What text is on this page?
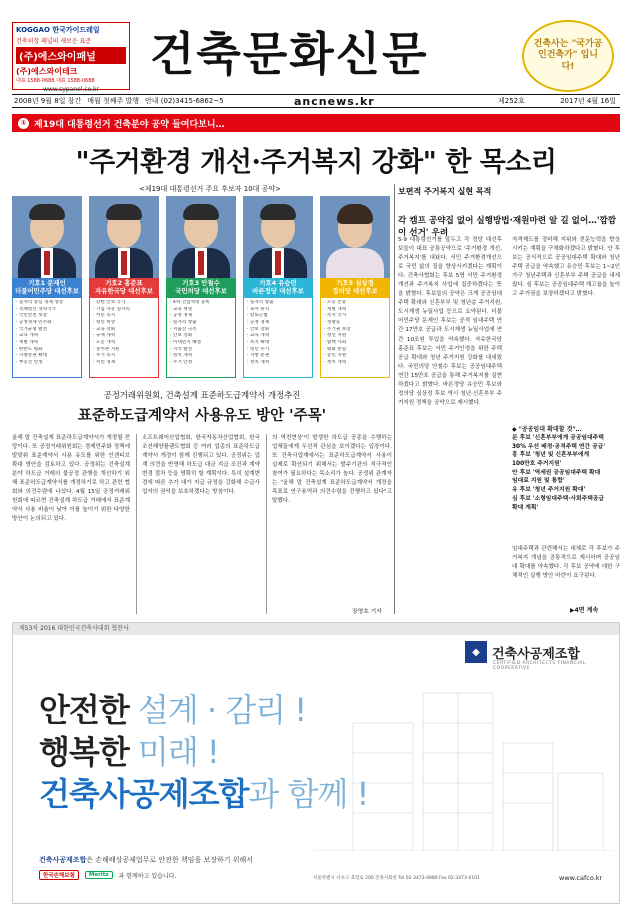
KOGGAO 한국가이드레일
건축외장 패널의 새로운 표준
(주)에스와이패널
(주)에스와이테크
대표 1588-0688 대표 1588-0688
www.sypanel.co.kr
건축문화신문	건축사는 "국가공인건축가" 입니다!
2008년 9월 8일 창간 매월 첫째주 발행 안내 (02)3415-6862~5	ancnews.kr	제252호	2017년 4월 16일
① 제19대 대통령선거 건축분야 공약 들여다보니…
"주거환경 개선·주거복지 강화" 한 목소리
<제19대 대통령선거 주요 후보자 10대 공약>
기호1 문재인
더불어민주당 대선후보
· 일자리 중심 경제 성장
· 적폐청산 개혁국가
· 국민안전 보장
· 공정경제 민주화
· 국가균형 발전
· 교육 개혁
· 재벌 개혁
· 한반도 평화
· 지방분권 확대
· 부동산 안정
기호2 홍준표
자유한국당 대선후보
· 강한 안보 국가
· 기업 자유 일자리
· 서민 복지
· 청년 희망
· 교육 강화
· 규제 개혁
· 노동 개혁
· 농어촌 지원
· 주거 복지
· 서민 경제
기호3 안철수
국민의당 대선후보
· 4차 산업혁명 준비
· 교육 혁명
· 공정 경제
· 일자리 창출
· 저출산 극복
· 안보 강화
· 미세먼지 해결
· 지역 발전
· 정치 개혁
· 주거 안정
기호4 유승민
바른정당 대선후보
· 일자리 창출
· 육아 휴직
· 칼퇴근법
· 공정 경제
· 안보 강화
· 교육 개혁
· 복지 확대
· 청년 주거
· 지방 분권
· 정치 개혁
기호5 심상정
정의당 대선후보
· 노동 존중
· 재벌 개혁
· 복지 국가
· 성평등
· 주거권 보장
· 청년 지원
· 탈핵 사회
· 평화 통일
· 농민 지원
· 정치 개혁
보편적 주거복지 실현 목적
각 캠프 공약집 없어 실행방법·재원마련 알 길 없어…'깜깜이 선거' 우려
5·9 대통령선거를 앞두고 각 정당 대선후보들이 대표 공통공약으로 '주거환경 개선, 주거복지'를 내놨다. 서민 주거환경개선으로 국민 삶의 질을 향상시키겠다는 계획이다. 건축사협회는 후보 5명 서민 주거환경개선과 주거복지 사업에 집중하겠다는 뜻을 밝혔다. 후보들의 공약은 크게 공공임대주택 확대와 신혼부부 및 청년층 주거지원, 도시재생 뉴딜사업 등으로 요약된다. 더불어민주당 문재인 후보는 공적 임대주택 연간 17만호 공급과 도시재생 뉴딜사업에 연간 10조원 투입을 약속했다. 자유한국당 홍준표 후보는 서민 주거안정을 위한 주택 공급 확대와 청년 주거지원 강화를 내세웠다. 국민의당 안철수 후보는 공공임대주택 연간 15만호 공급을 통해 주거복지를 실현하겠다고 밝혔다. 바른정당 유승민 후보와 정의당 심상정 후보 역시 청년·신혼부부 주거지원 정책을 공약으로 제시했다.
자격제도를 정비해 지위와 전문능력을 향상시키는 계획을 구체화하겠다고 밝혔다. 안 후보는 공식적으로 공공임대주택 확대와 청년주택 공급을 약속했고 유승민 후보는 1~2인 가구 청년주택과 신혼부부 주택 공급을 내세웠다. 심 후보는 공공임대주택 재고율을 높이고 주거권을 보장하겠다고 밝혔다.
◆ "공공임대 확대할 것"…
문 후보 '신혼부부에게 공공임대주택
30% 우선 배정·공적주택 연간 공급'
홍 후보 '청년 및 신혼부부에게
100만호 주거지원'
안 후보 '역세권 공공임대주택 확대
임대료 지원 및 통합'
유 후보 '청년 주거지원 확대'
심 후보 '소형임대주택·사회주택공급
확대 계획'
임대주택과 관련해서는 대체로 각 후보가 주거복지 개념을 공통적으로 제시하며 공공임대 확대를 약속했다. 각 후보 공약에 대한 구체적인 실행 방안 마련이 요구된다.
▶4면 계속
공정거래위원회, 건축설계 표준하도급계약서 개정추진
표준하도급계약서 사용유도 방안 '주목'
올해 말 건축설계 표준하도급계약서가 개정될 전망이다. 또 공정거래위원회는 경제민주화 정책에 발맞춰 표준계약서 사용 유도를 위한 인센티브 확대 방안을 검토하고 있다. 공정위는 건축설계 분야 하도급 거래의 불공정 관행을 개선하기 위해 표준하도급계약서를 개정하기로 하고 관련 협회와 의견수렴에 나섰다. 4월 15일 공정거래위원회에 따르면 건축설계 하도급 거래에서 표준계약서 사용 비율이 낮아 이를 높이기 위한 다양한 방안이 논의되고 있다.
소프트웨어산업협회, 한국자동차산업협회, 한국조선해양플랜트협회 등 여러 업종의 표준하도급계약서 개정이 함께 진행되고 있다. 공정위는 업계 의견을 반영해 하도급 대금 지급 조건과 계약 변경 절차 등을 명확히 할 계획이다. 특히 설계변경에 따른 추가 대가 지급 규정을 강화해 수급사업자의 권익을 보호하겠다는 방침이다.
의 역전현상'이 발생한 하도급 공종을 수행하는 업체들에게 우선적 관심을 보이겠다는 입장이다. 또 건축사업계에서는 표준하도급계약서 사용이 실제로 확산되기 위해서는 발주기관의 적극적인 참여가 필요하다는 목소리가 높다. 공정위 관계자는 "올해 말 건축설계 표준하도급계약서 개정을 목표로 연구용역과 의견수렴을 진행하고 있다"고 말했다.
장영호 기자
제53차 2016 대한민국건축사대회 협찬사
◆ 건축사공제조합
CERTIFIED ARCHITECTS FINANCIAL COOPERATIVE
안전한 설계 · 감리 !
행복한 미래 !
건축사공제조합과 함께 !
건축사공제조합은 손해배상공제업무로 안전한 책임을 보장하기 위해서
한국손해보험	Meritz	과 함께하고 있습니다.	서울특별시 서초구 효령로 200 건축사회관 Tel 02-3473-0880 Fax 02-3473-0101	www.cafco.kr
